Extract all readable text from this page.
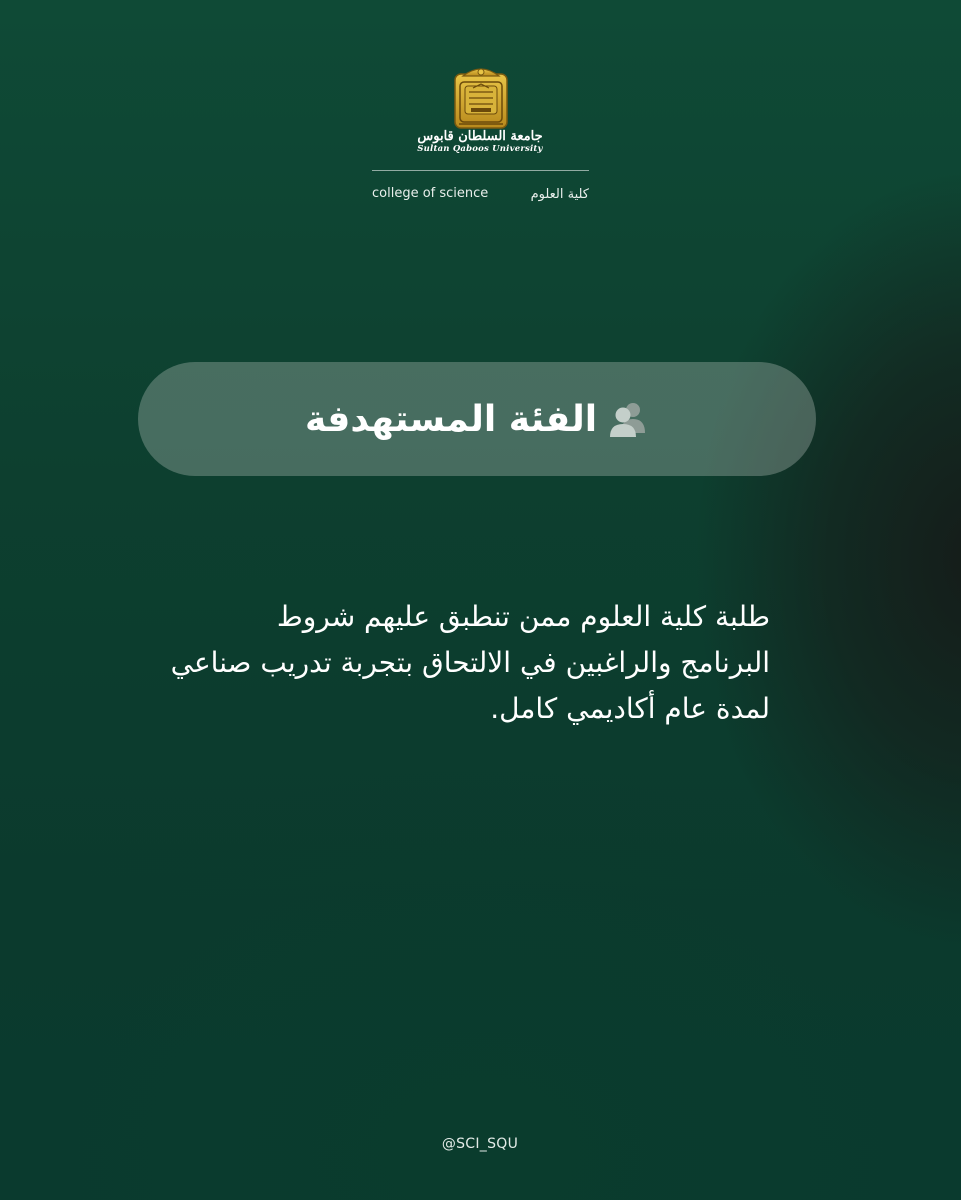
جامعة السلطان قابوس
Sultan Qaboos University
كلية العلوم
college of science
الفئة المستهدفة
طلبة كلية العلوم ممن تنطبق عليهم شروط
البرنامج والراغبين في الالتحاق بتجربة تدريب صناعي
لمدة عام أكاديمي كامل.
@SCI_SQU
